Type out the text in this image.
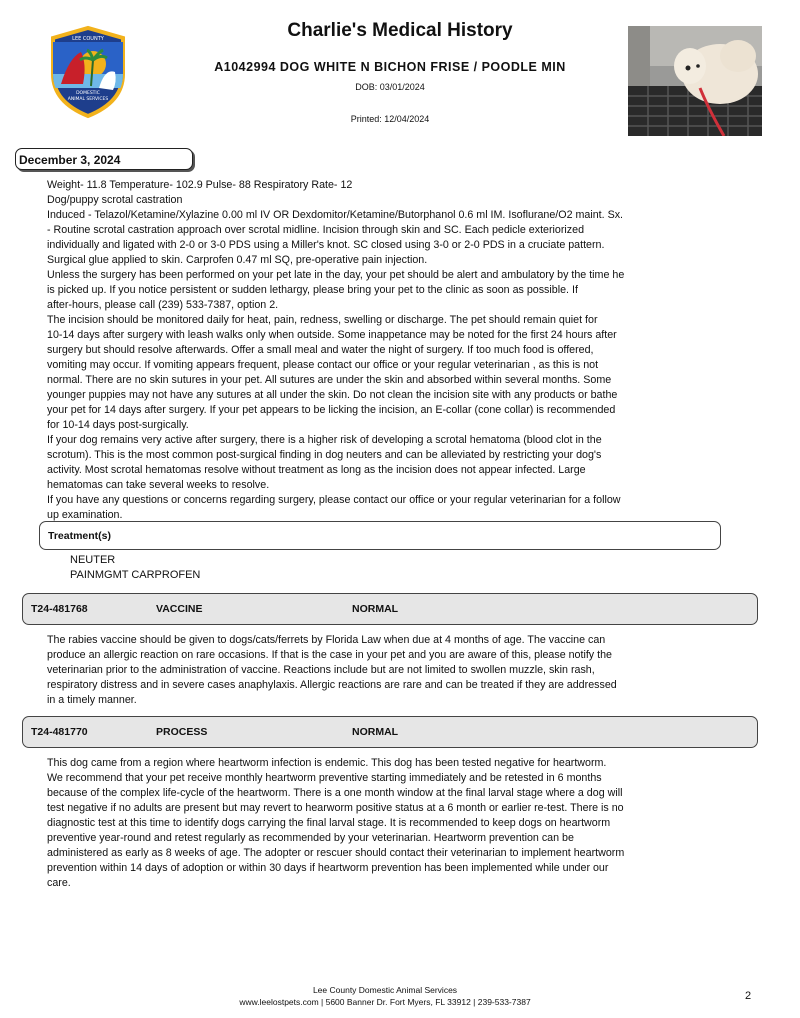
Charlie's Medical History
A1042994 DOG WHITE N BICHON FRISE / POODLE MIN
DOB: 03/01/2024
Printed: 12/04/2024
LEE COUNTY
DOMESTIC
ANIMAL SERVICES
December 3, 2024

Weight- 11.8 Temperature- 102.9 Pulse- 88 Respiratory Rate- 12

Dog/puppy scrotal castration

Induced - Telazol/Ketamine/Xylazine 0.00 ml IV OR Dexdomitor/Ketamine/Butorphanol 0.6 ml IM. Isoflurane/O2 maint. Sx.

- Routine scrotal castration approach over scrotal midline. Incision through skin and SC. Each pedicle exteriorized

individually and ligated with 2-0 or 3-0 PDS using a Miller's knot. SC closed using 3-0 or 2-0 PDS in a cruciate pattern.

Surgical glue applied to skin. Carprofen 0.47 ml SQ, pre-operative pain injection.

Unless the surgery has been performed on your pet late in the day, your pet should be alert and ambulatory by the time he

is picked up. If you notice persistent or sudden lethargy, please bring your pet to the clinic as soon as possible. If

after-hours, please call (239) 533-7387, option 2.

The incision should be monitored daily for heat, pain, redness, swelling or discharge. The pet should remain quiet for

10-14 days after surgery with leash walks only when outside. Some inappetance may be noted for the first 24 hours after

surgery but should resolve afterwards. Offer a small meal and water the night of surgery. If too much food is offered,

vomiting may occur. If vomiting appears frequent, please contact our office or your regular veterinarian , as this is not

normal. There are no skin sutures in your pet. All sutures are under the skin and absorbed within several months. Some

younger puppies may not have any sutures at all under the skin. Do not clean the incision site with any products or bathe

your pet for 14 days after surgery. If your pet appears to be licking the incision, an E-collar (cone collar) is recommended

for 10-14 days post-surgically.

If your dog remains very active after surgery, there is a higher risk of developing a scrotal hematoma (blood clot in the

scrotum). This is the most common post-surgical finding in dog neuters and can be alleviated by restricting your dog's

activity. Most scrotal hematomas resolve without treatment as long as the incision does not appear infected. Large

hematomas can take several weeks to resolve.

If you have any questions or concerns regarding surgery, please contact our office or your regular veterinarian for a follow

up examination.

Treatment(s)
NEUTER
PAINMGMT CARPROFEN
T24-481768	VACCINE	NORMAL

The rabies vaccine should be given to dogs/cats/ferrets by Florida Law when due at 4 months of age. The vaccine can

produce an allergic reaction on rare occasions. If that is the case in your pet and you are aware of this, please notify the

veterinarian prior to the administration of vaccine. Reactions include but are not limited to swollen muzzle, skin rash,

respiratory distress and in severe cases anaphylaxis. Allergic reactions are rare and can be treated if they are addressed

in a timely manner.

T24-481770	PROCESS	NORMAL

This dog came from a region where heartworm infection is endemic. This dog has been tested negative for heartworm.

We recommend that your pet receive monthly heartworm preventive starting immediately and be retested in 6 months

because of the complex life-cycle of the heartworm. There is a one month window at the final larval stage where a dog will

test negative if no adults are present but may revert to hearworm positive status at a 6 month or earlier re-test. There is no

diagnostic test at this time to identify dogs carrying the final larval stage. It is recommended to keep dogs on heartworm

preventive year-round and retest regularly as recommended by your veterinarian. Heartworm prevention can be

administered as early as 8 weeks of age. The adopter or rescuer should contact their veterinarian to implement heartworm

prevention within 14 days of adoption or within 30 days if heartworm prevention has been implemented while under our

care.

Lee County Domestic Animal Services
www.leelostpets.com | 5600 Banner Dr. Fort Myers, FL 33912 | 239-533-7387	2
